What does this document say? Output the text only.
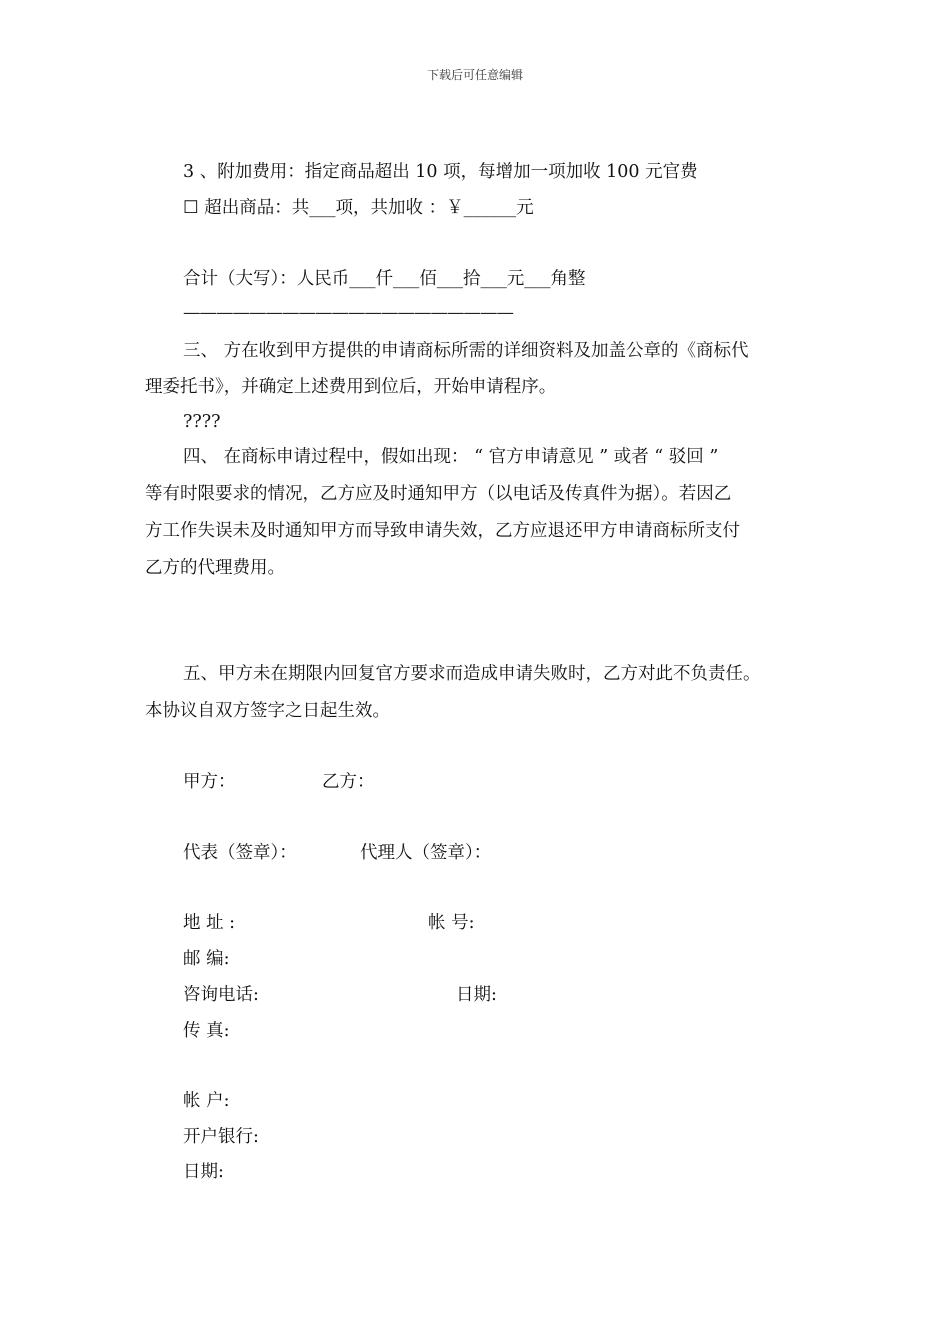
下载后可任意编辑
3 、附加费用：指定商品超出 10 项，每增加一项加收 100 元官费
☐ 超出商品：共___项，共加收 ：￥______元
合计（大写）：人民币___仟___佰___拾___元___角整
————————————————————
三、 方在收到甲方提供的申请商标所需的详细资料及加盖公章的《商标代
理委托书》，并确定上述费用到位后，开始申请程序。
????
四、 在商标申请过程中，假如出现： “ 官方申请意见 ” 或者 “ 驳回 ”
等有时限要求的情况，乙方应及时通知甲方（以电话及传真件为据）。若因乙
方工作失误未及时通知甲方而导致申请失效，乙方应退还甲方申请商标所支付
乙方的代理费用。
五、甲方未在期限内回复官方要求而造成申请失败时，乙方对此不负责任。
本协议自双方签字之日起生效。
甲方：	乙方：
代表（签章）：	代理人（签章）：
地 址 :	帐 号:
邮 编:
咨询电话:	日期:
传 真:
帐 户:
开户银行:
日期:
